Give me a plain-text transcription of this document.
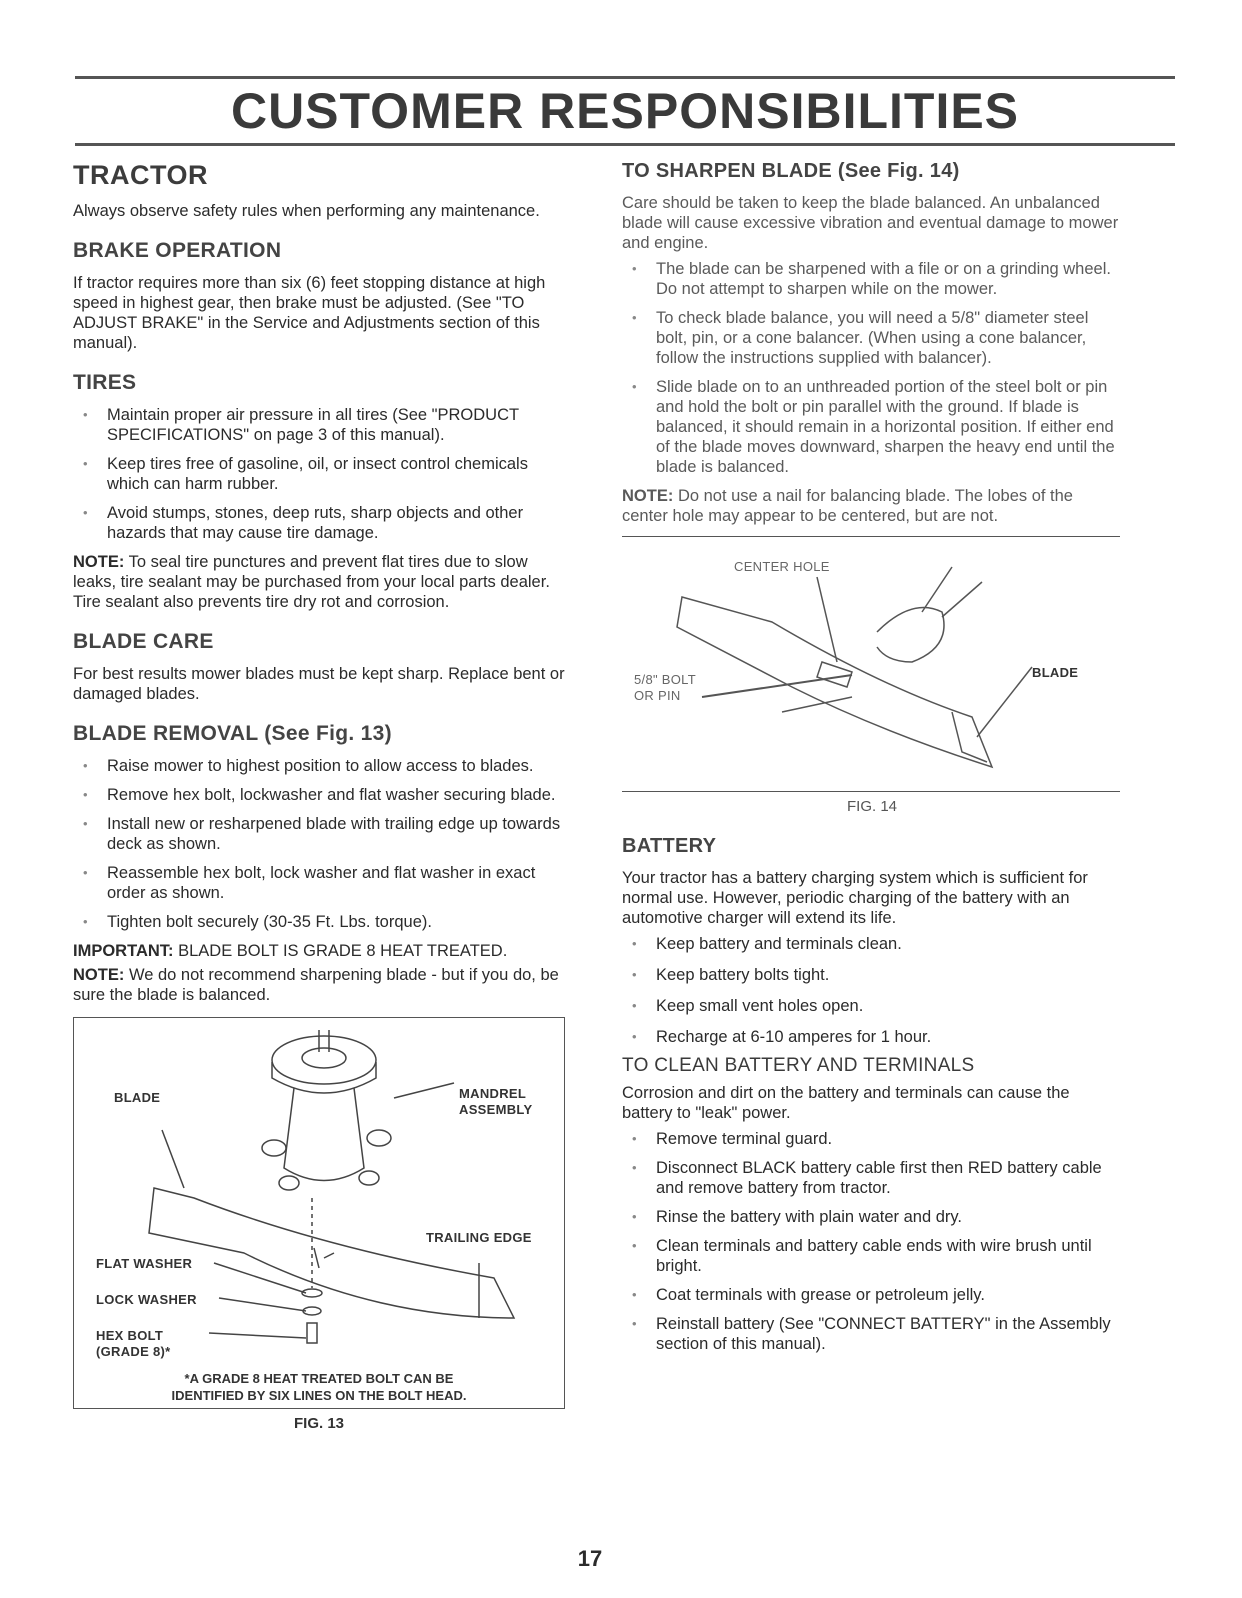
CUSTOMER RESPONSIBILITIES
TRACTOR

Always observe safety rules when performing any maintenance.

BRAKE OPERATION

If tractor requires more than six (6) feet stopping distance at high speed in highest gear, then brake must be adjusted. (See "TO ADJUST BRAKE" in the Service and Adjustments section of this manual).

TIRES
• Maintain proper air pressure in all tires (See "PRODUCT SPECIFICATIONS" on page 3 of this manual).
• Keep tires free of gasoline, oil, or insect control chemicals which can harm rubber.
• Avoid stumps, stones, deep ruts, sharp objects and other hazards that may cause tire damage.

NOTE: To seal tire punctures and prevent flat tires due to slow leaks, tire sealant may be purchased from your local parts dealer. Tire sealant also prevents tire dry rot and corrosion.

BLADE CARE

For best results mower blades must be kept sharp. Replace bent or damaged blades.

BLADE REMOVAL (See Fig. 13)
• Raise mower to highest position to allow access to blades.
• Remove hex bolt, lockwasher and flat washer securing blade.
• Install new or resharpened blade with trailing edge up towards deck as shown.
• Reassemble hex bolt, lock washer and flat washer in exact order as shown.
• Tighten bolt securely (30-35 Ft. Lbs. torque).

IMPORTANT: BLADE BOLT IS GRADE 8 HEAT TREATED.

NOTE: We do not recommend sharpening blade - but if you do, be sure the blade is balanced.

BLADE	MANDREL ASSEMBLY
TRAILING EDGE
FLAT WASHER
LOCK WASHER
HEX BOLT
(GRADE 8)*
*A GRADE 8 HEAT TREATED BOLT CAN BE
IDENTIFIED BY SIX LINES ON THE BOLT HEAD.
FIG. 13
TO SHARPEN BLADE (See Fig. 14)

Care should be taken to keep the blade balanced. An unbalanced blade will cause excessive vibration and eventual damage to mower and engine.

• The blade can be sharpened with a file or on a grinding wheel. Do not attempt to sharpen while on the mower.
• To check blade balance, you will need a 5/8" diameter steel bolt, pin, or a cone balancer. (When using a cone balancer, follow the instructions supplied with balancer).
• Slide blade on to an unthreaded portion of the steel bolt or pin and hold the bolt or pin parallel with the ground. If blade is balanced, it should remain in a horizontal position. If either end of the blade moves downward, sharpen the heavy end until the blade is balanced.

NOTE: Do not use a nail for balancing blade. The lobes of the center hole may appear to be centered, but are not.

CENTER HOLE
5/8" BOLT
OR PIN
BLADE
FIG. 14
BATTERY

Your tractor has a battery charging system which is sufficient for normal use. However, periodic charging of the battery with an automotive charger will extend its life.

• Keep battery and terminals clean.
• Keep battery bolts tight.
• Keep small vent holes open.
• Recharge at 6-10 amperes for 1 hour.
TO CLEAN BATTERY AND TERMINALS

Corrosion and dirt on the battery and terminals can cause the battery to "leak" power.

• Remove terminal guard.
• Disconnect BLACK battery cable first then RED battery cable and remove battery from tractor.
• Rinse the battery with plain water and dry.
• Clean terminals and battery cable ends with wire brush until bright.
• Coat terminals with grease or petroleum jelly.
• Reinstall battery (See "CONNECT BATTERY" in the Assembly section of this manual).
17
